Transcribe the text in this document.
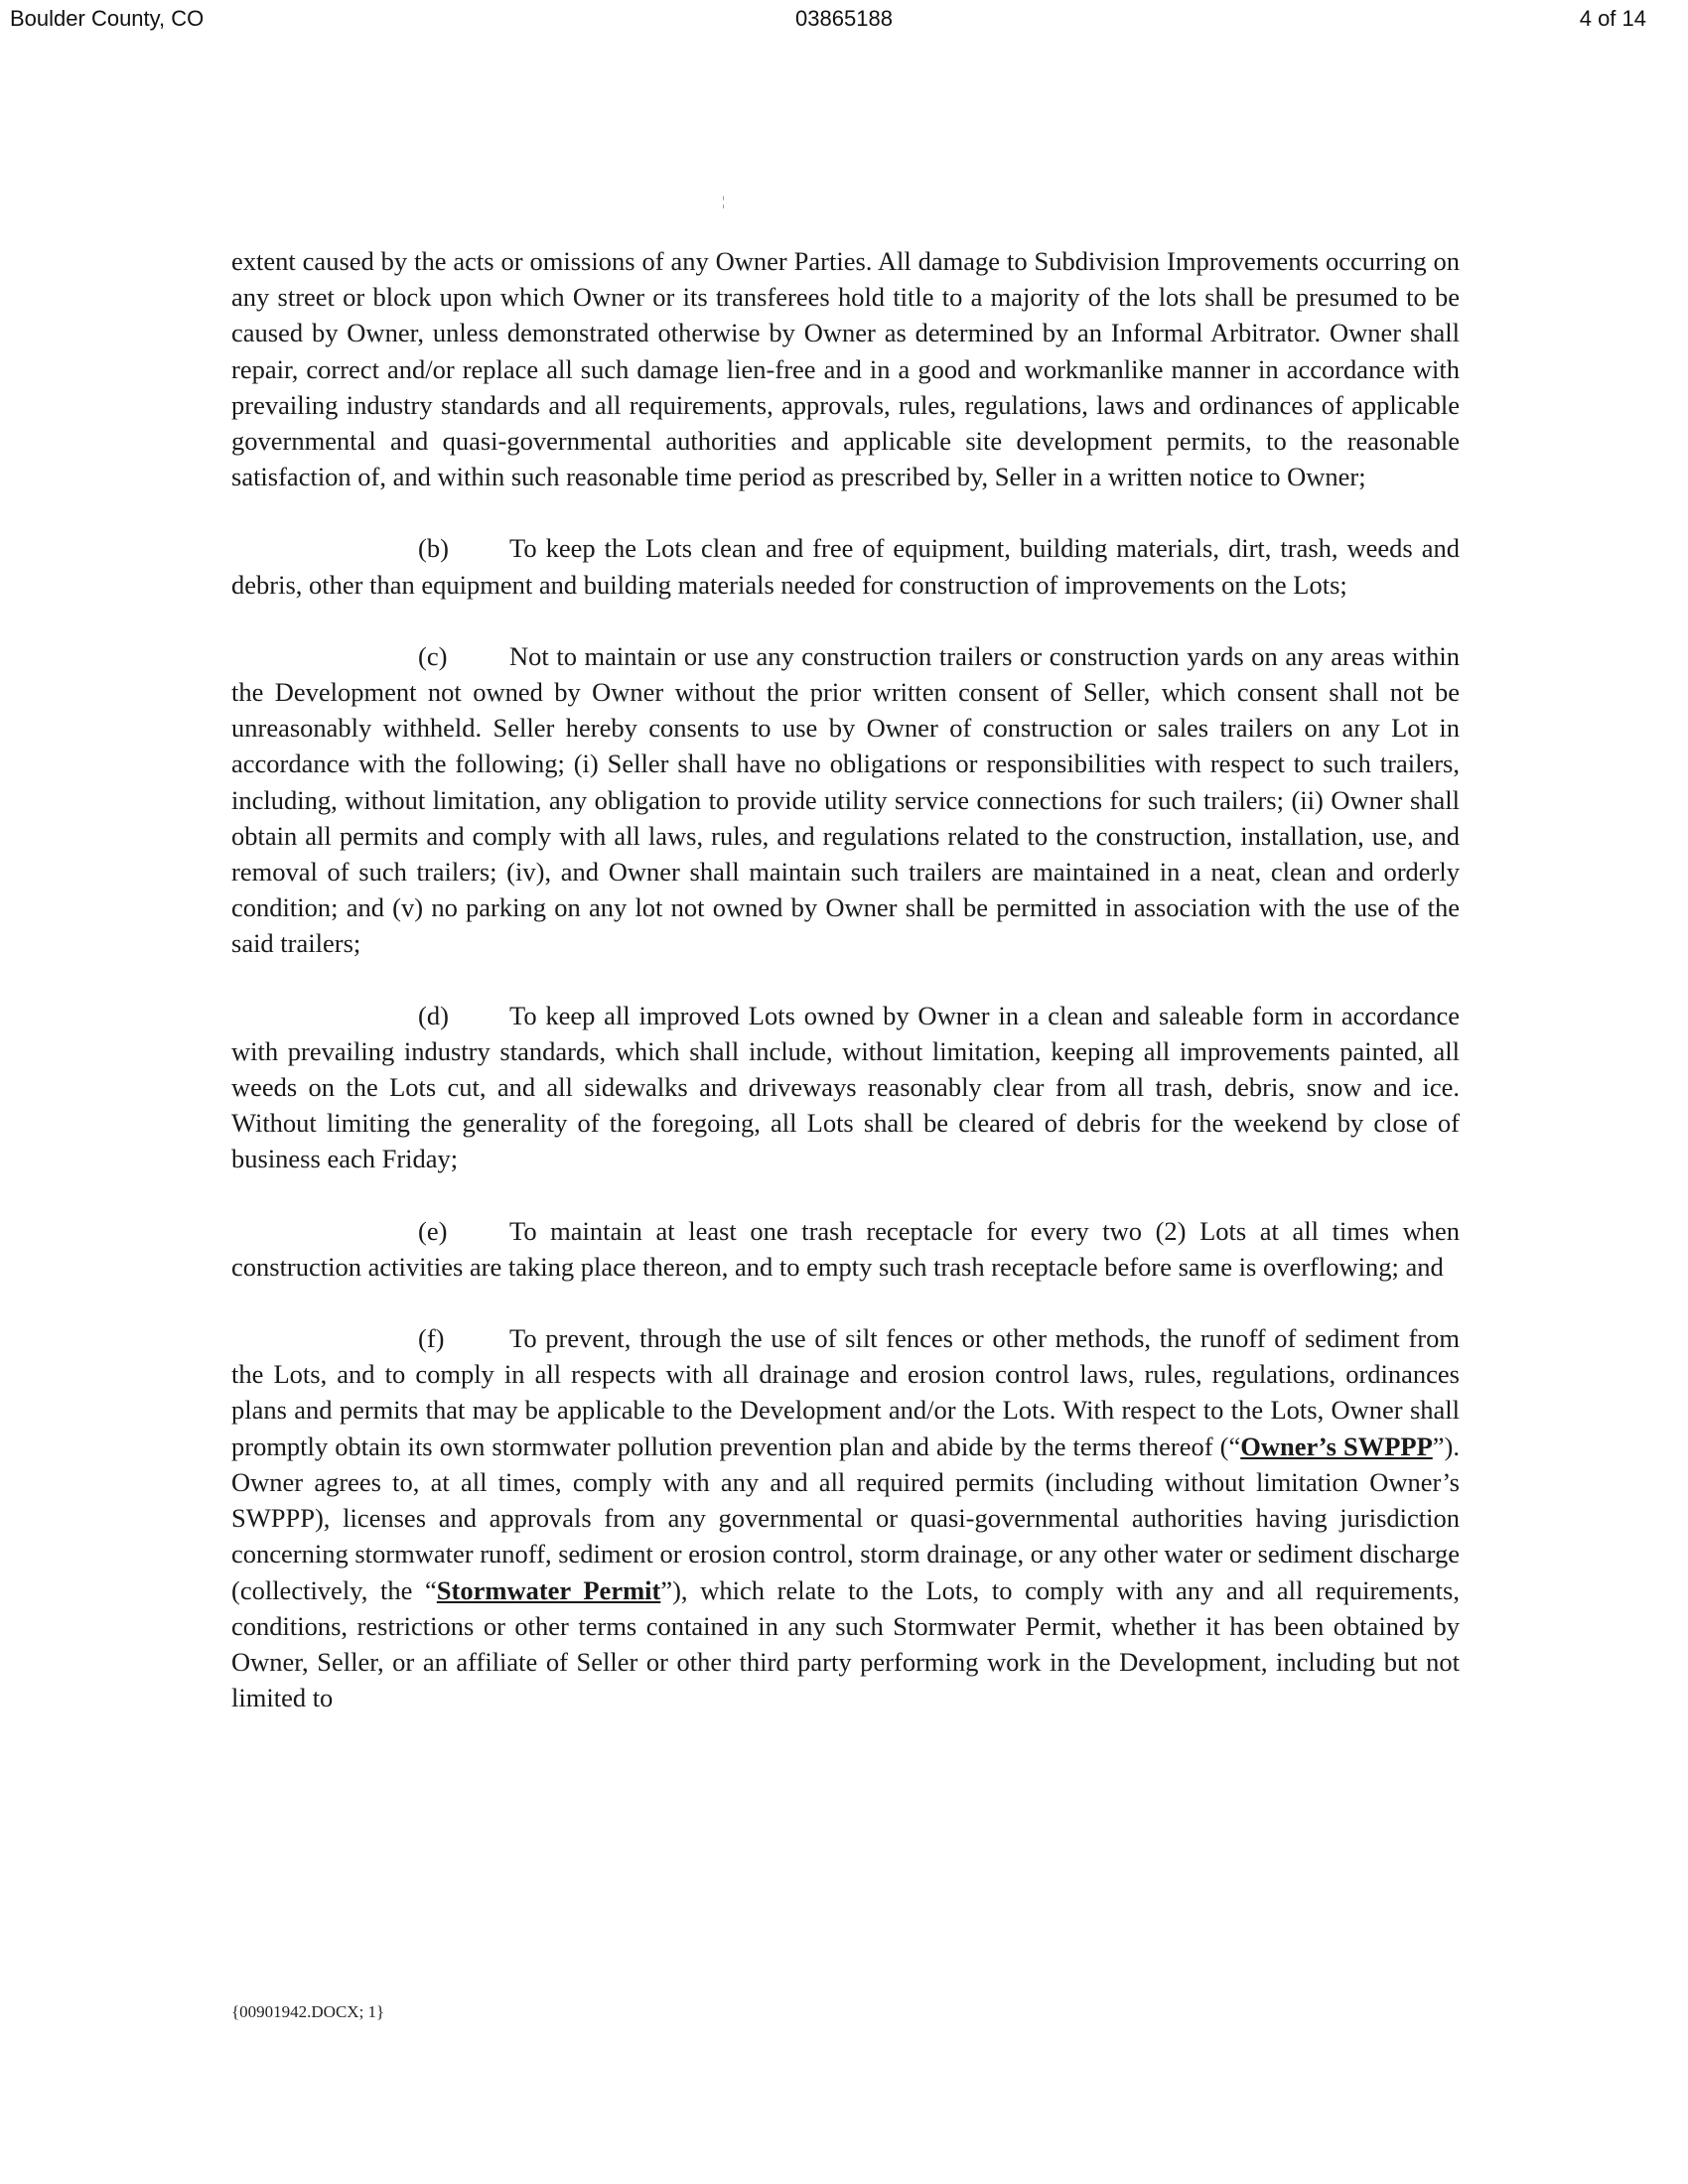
Boulder County, CO	03865188	4 of 14
¦

extent caused by the acts or omissions of any Owner Parties. All damage to Subdivision Improvements occurring on any street or block upon which Owner or its transferees hold title to a majority of the lots shall be presumed to be caused by Owner, unless demonstrated otherwise by Owner as determined by an Informal Arbitrator. Owner shall repair, correct and/or replace all such damage lien-free and in a good and workmanlike manner in accordance with prevailing industry standards and all requirements, approvals, rules, regulations, laws and ordinances of applicable governmental and quasi-governmental authorities and applicable site development permits, to the reasonable satisfaction of, and within such reasonable time period as prescribed by, Seller in a written notice to Owner;

(b) To keep the Lots clean and free of equipment, building materials, dirt, trash, weeds and debris, other than equipment and building materials needed for construction of improvements on the Lots;

(c) Not to maintain or use any construction trailers or construction yards on any areas within the Development not owned by Owner without the prior written consent of Seller, which consent shall not be unreasonably withheld. Seller hereby consents to use by Owner of construction or sales trailers on any Lot in accordance with the following; (i) Seller shall have no obligations or responsibilities with respect to such trailers, including, without limitation, any obligation to provide utility service connections for such trailers; (ii) Owner shall obtain all permits and comply with all laws, rules, and regulations related to the construction, installation, use, and removal of such trailers; (iv), and Owner shall maintain such trailers are maintained in a neat, clean and orderly condition; and (v) no parking on any lot not owned by Owner shall be permitted in association with the use of the said trailers;

(d) To keep all improved Lots owned by Owner in a clean and saleable form in accordance with prevailing industry standards, which shall include, without limitation, keeping all improvements painted, all weeds on the Lots cut, and all sidewalks and driveways reasonably clear from all trash, debris, snow and ice. Without limiting the generality of the foregoing, all Lots shall be cleared of debris for the weekend by close of business each Friday;

(e) To maintain at least one trash receptacle for every two (2) Lots at all times when construction activities are taking place thereon, and to empty such trash receptacle before same is overflowing; and

(f) To prevent, through the use of silt fences or other methods, the runoff of sediment from the Lots, and to comply in all respects with all drainage and erosion control laws, rules, regulations, ordinances plans and permits that may be applicable to the Development and/or the Lots. With respect to the Lots, Owner shall promptly obtain its own stormwater pollution prevention plan and abide by the terms thereof (“Owner’s SWPPP”). Owner agrees to, at all times, comply with any and all required permits (including without limitation Owner’s SWPPP), licenses and approvals from any governmental or quasi-governmental authorities having jurisdiction concerning stormwater runoff, sediment or erosion control, storm drainage, or any other water or sediment discharge (collectively, the “Stormwater Permit”), which relate to the Lots, to comply with any and all requirements, conditions, restrictions or other terms contained in any such Stormwater Permit, whether it has been obtained by Owner, Seller, or an affiliate of Seller or other third party performing work in the Development, including but not limited to

{00901942.DOCX; 1}
